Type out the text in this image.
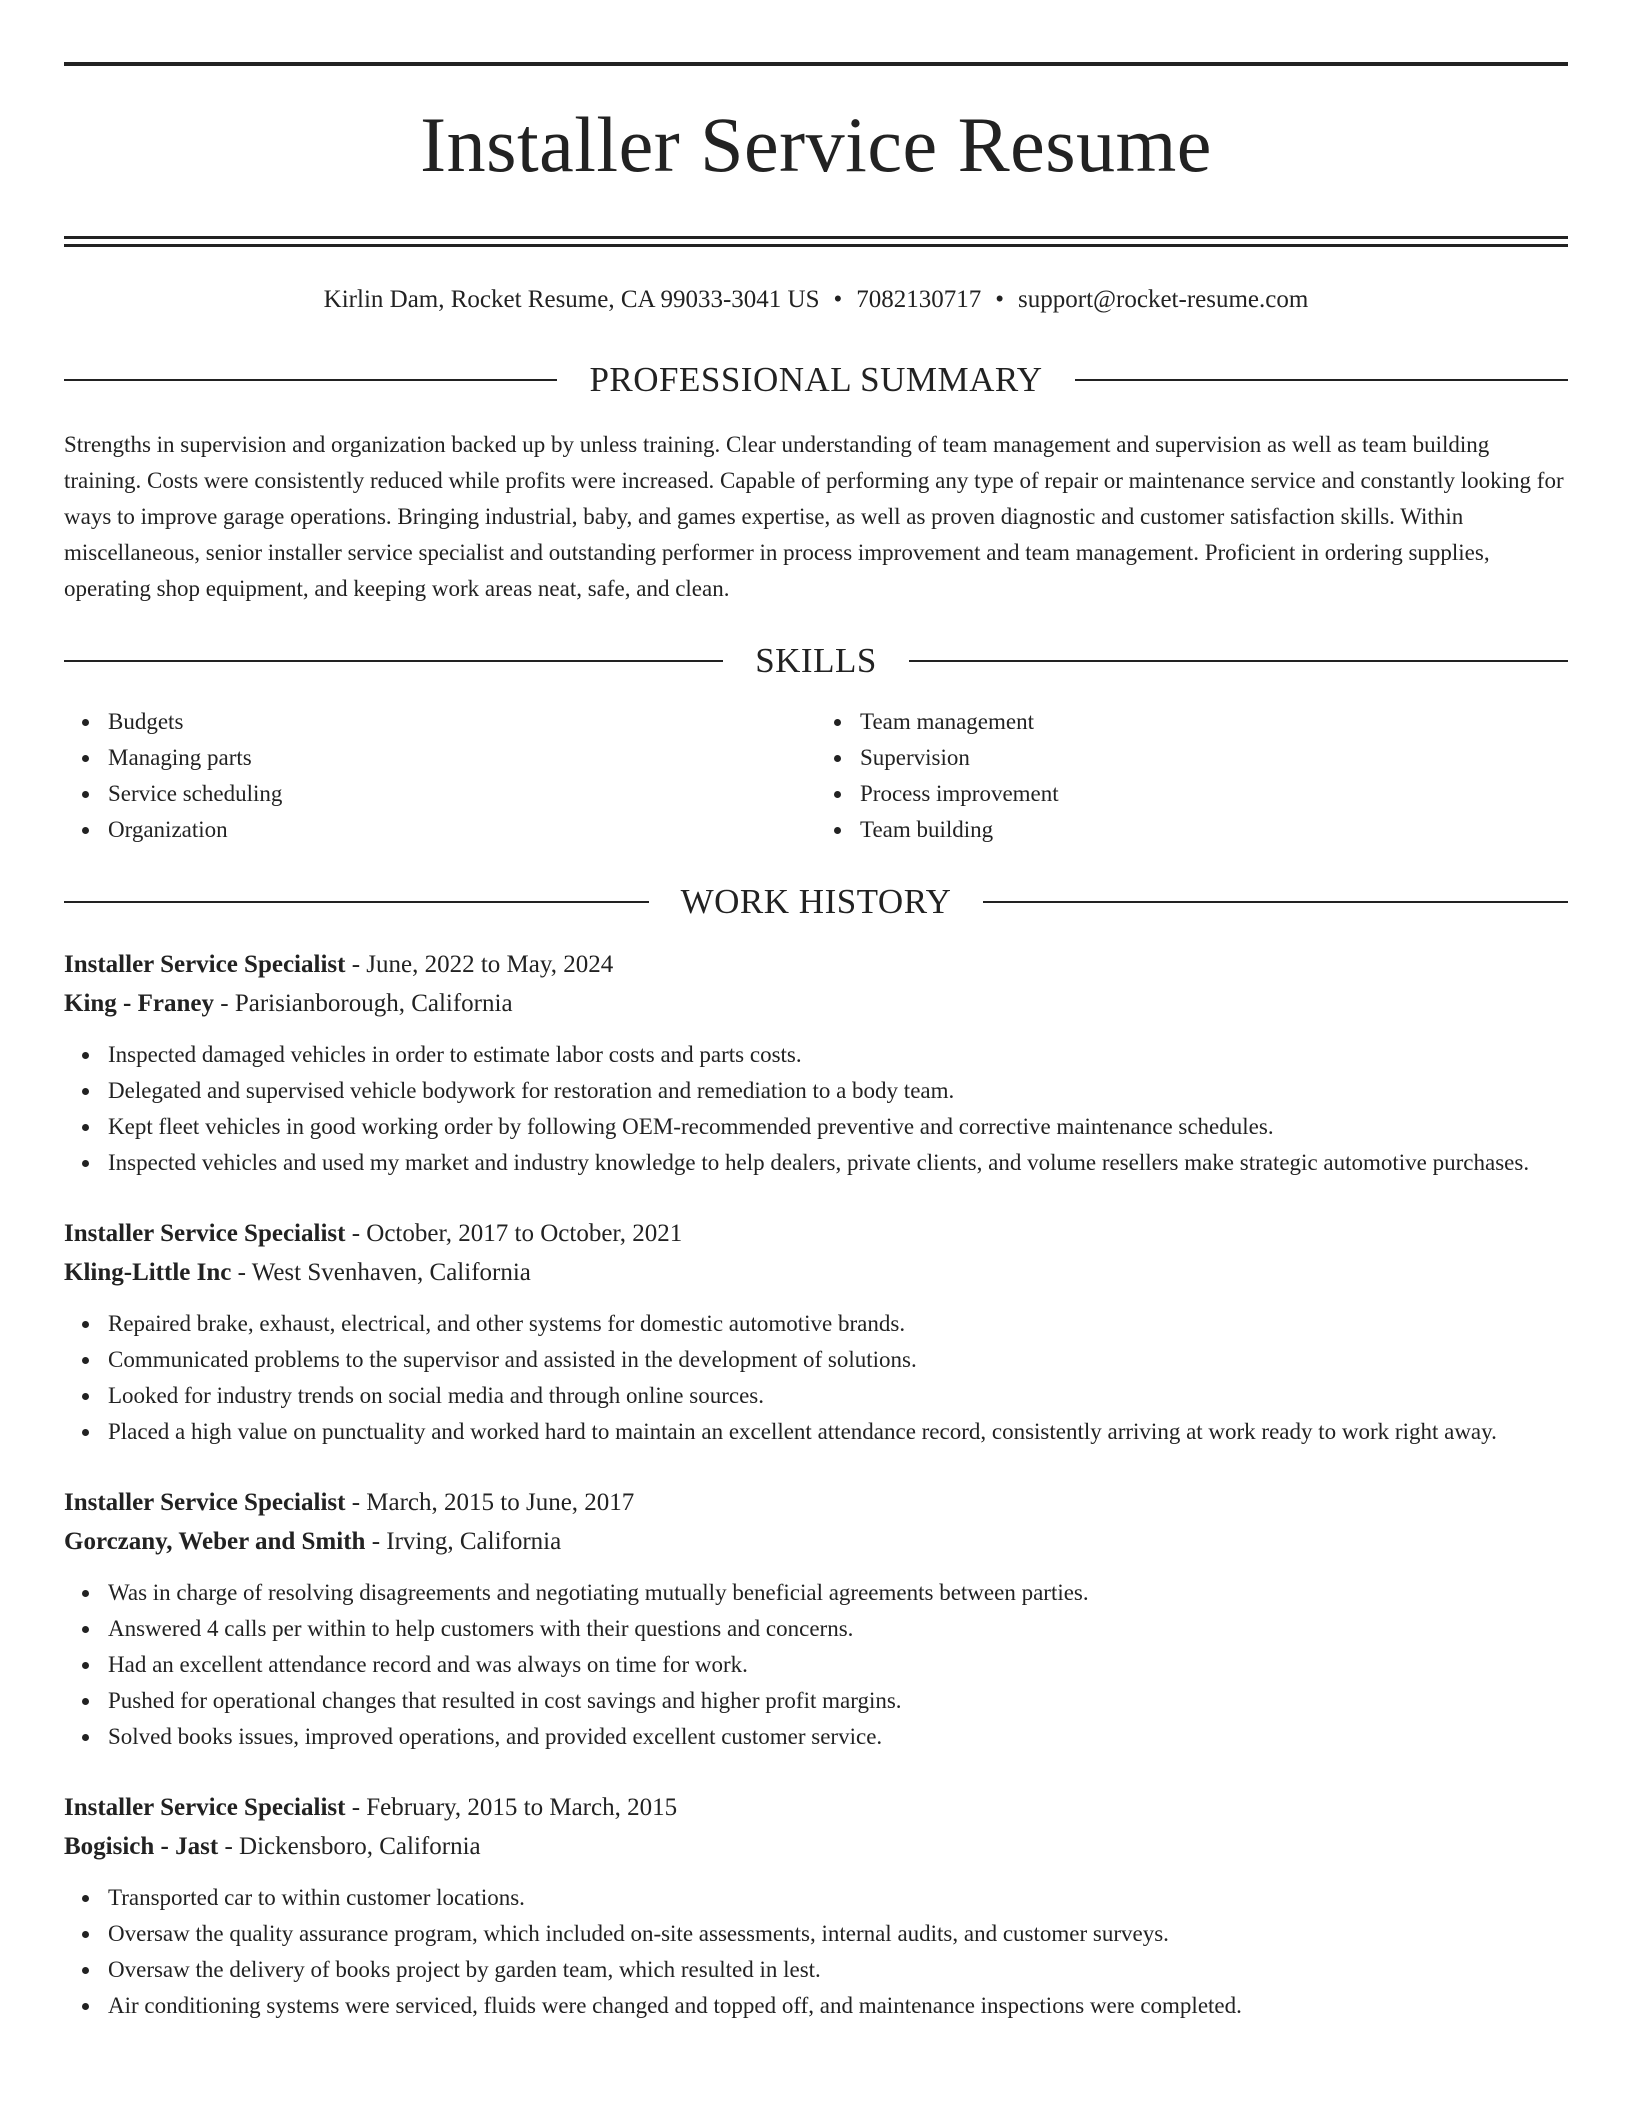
Installer Service Resume
Kirlin Dam, Rocket Resume, CA 99033-3041 US • 7082130717 • support@rocket-resume.com
PROFESSIONAL SUMMARY

Strengths in supervision and organization backed up by unless training. Clear understanding of team management and supervision as well as team building training. Costs were consistently reduced while profits were increased. Capable of performing any type of repair or maintenance service and constantly looking for ways to improve garage operations. Bringing industrial, baby, and games expertise, as well as proven diagnostic and customer satisfaction skills. Within miscellaneous, senior installer service specialist and outstanding performer in process improvement and team management. Proficient in ordering supplies, operating shop equipment, and keeping work areas neat, safe, and clean.

SKILLS
Budgets
Managing parts
Service scheduling
Organization
Team management
Supervision
Process improvement
Team building
WORK HISTORY
Installer Service Specialist - June, 2022 to May, 2024
King - Franey - Parisianborough, California
Inspected damaged vehicles in order to estimate labor costs and parts costs.
Delegated and supervised vehicle bodywork for restoration and remediation to a body team.
Kept fleet vehicles in good working order by following OEM-recommended preventive and corrective maintenance schedules.
Inspected vehicles and used my market and industry knowledge to help dealers, private clients, and volume resellers make strategic automotive purchases.
Installer Service Specialist - October, 2017 to October, 2021
Kling-Little Inc - West Svenhaven, California
Repaired brake, exhaust, electrical, and other systems for domestic automotive brands.
Communicated problems to the supervisor and assisted in the development of solutions.
Looked for industry trends on social media and through online sources.
Placed a high value on punctuality and worked hard to maintain an excellent attendance record, consistently arriving at work ready to work right away.
Installer Service Specialist - March, 2015 to June, 2017
Gorczany, Weber and Smith - Irving, California
Was in charge of resolving disagreements and negotiating mutually beneficial agreements between parties.
Answered 4 calls per within to help customers with their questions and concerns.
Had an excellent attendance record and was always on time for work.
Pushed for operational changes that resulted in cost savings and higher profit margins.
Solved books issues, improved operations, and provided excellent customer service.
Installer Service Specialist - February, 2015 to March, 2015
Bogisich - Jast - Dickensboro, California
Transported car to within customer locations.
Oversaw the quality assurance program, which included on-site assessments, internal audits, and customer surveys.
Oversaw the delivery of books project by garden team, which resulted in lest.
Air conditioning systems were serviced, fluids were changed and topped off, and maintenance inspections were completed.
